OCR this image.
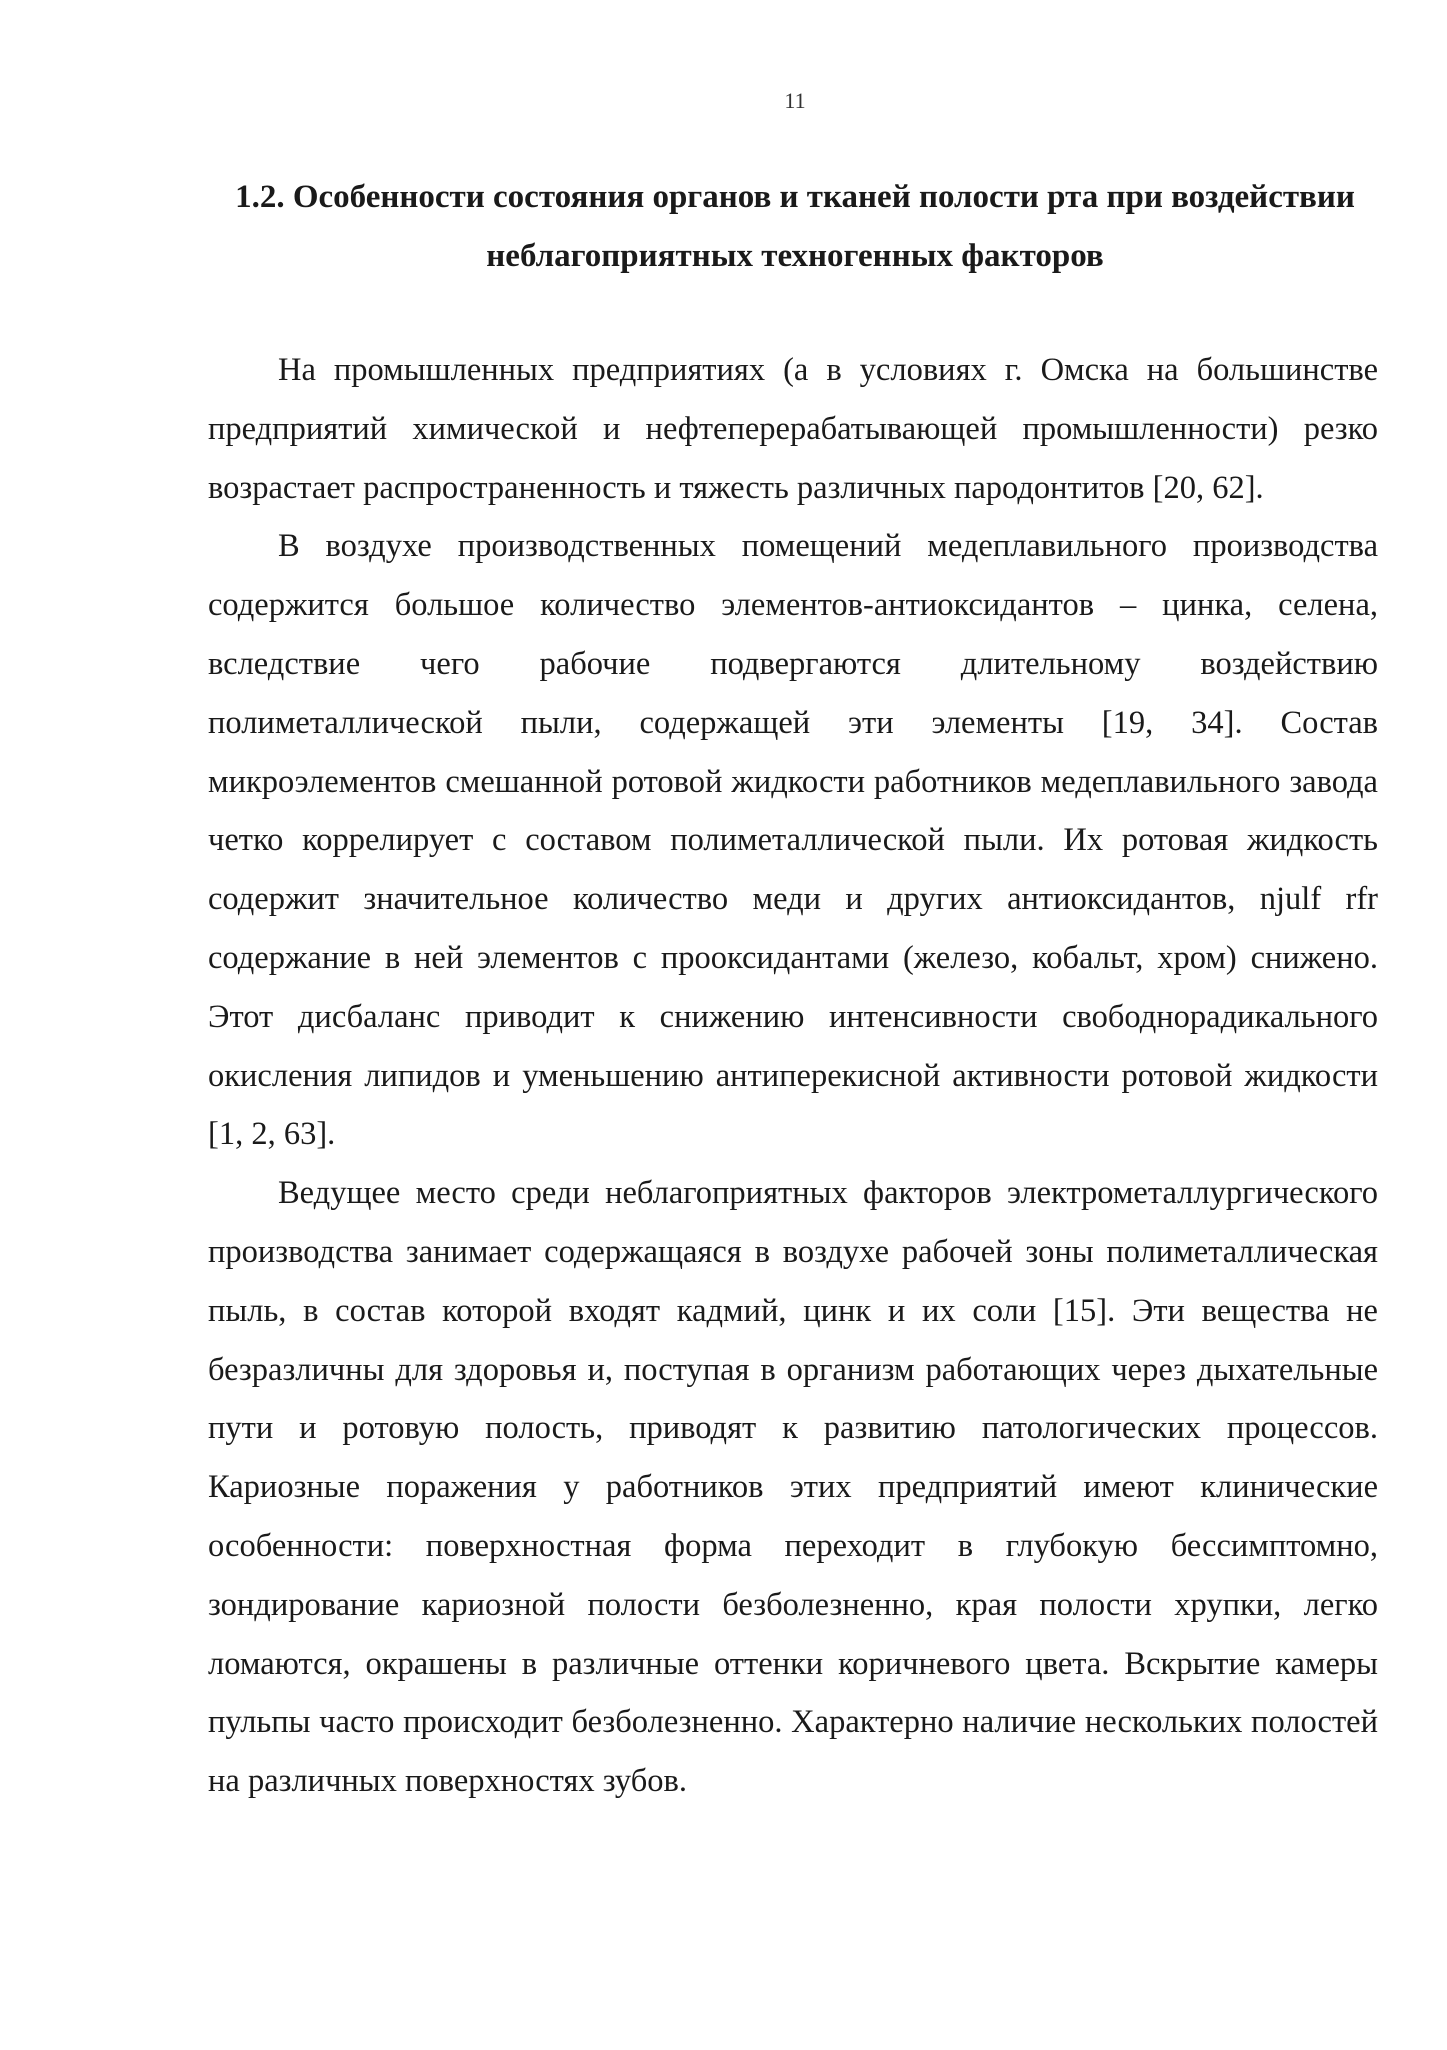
11
1.2. Особенности состояния органов и тканей полости рта при воздействии неблагоприятных техногенных факторов

На промышленных предприятиях (а в условиях г. Омска на большинстве предприятий химической и нефтеперерабатывающей промышленности) резко возрастает распространенность и тяжесть различных пародонтитов [20, 62].

В воздухе производственных помещений медеплавильного производства содержится большое количество элементов-антиоксидантов – цинка, селена, вследствие чего рабочие подвергаются длительному воздействию полиметаллической пыли, содержащей эти элементы [19, 34]. Состав микроэлементов смешанной ротовой жидкости работников медеплавильного завода четко коррелирует с составом полиметаллической пыли. Их ротовая жидкость содержит значительное количество меди и других антиоксидантов, njulf rfr содержание в ней элементов с прооксидантами (железо, кобальт, хром) снижено. Этот дисбаланс приводит к снижению интенсивности свободнорадикального окисления липидов и уменьшению антиперекисной активности ротовой жидкости [1, 2, 63].

Ведущее место среди неблагоприятных факторов электрометаллургического производства занимает содержащаяся в воздухе рабочей зоны полиметаллическая пыль, в состав которой входят кадмий, цинк и их соли [15]. Эти вещества не безразличны для здоровья и, поступая в организм работающих через дыхательные пути и ротовую полость, приводят к развитию патологических процессов. Кариозные поражения у работников этих предприятий имеют клинические особенности: поверхностная форма переходит в глубокую бессимптомно, зондирование кариозной полости безболезненно, края полости хрупки, легко ломаются, окрашены в различные оттенки коричневого цвета. Вскрытие камеры пульпы часто происходит безболезненно. Характерно наличие нескольких полостей на различных поверхностях зубов.
